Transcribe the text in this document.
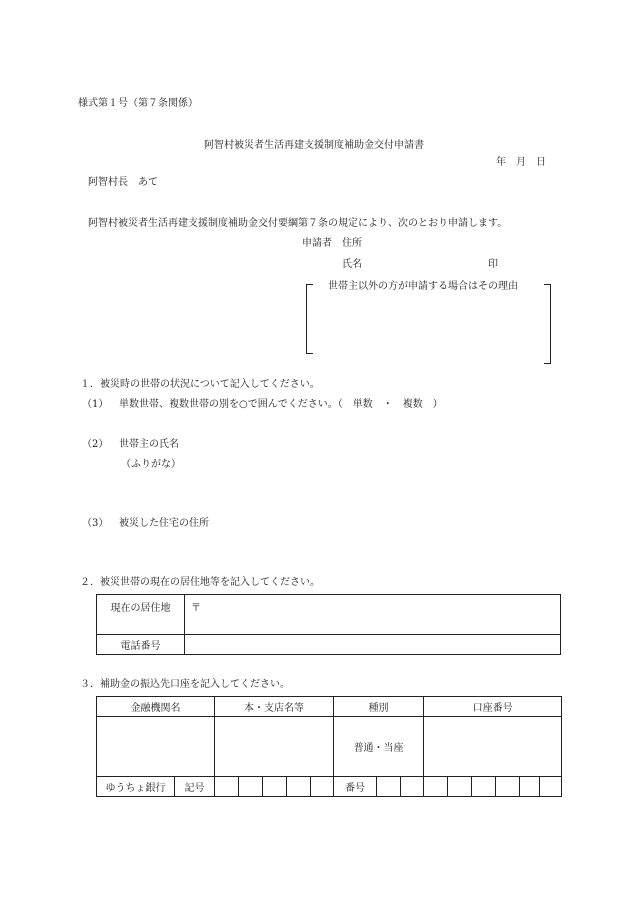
様式第１号（第７条関係）
阿智村被災者生活再建支援制度補助金交付申請書
年　月　日
阿智村長　あて
阿智村被災者生活再建支援制度補助金交付要綱第７条の規定により、次のとおり申請します。
申請者　住所
氏名	印
世帯主以外の方が申請する場合はその理由
１．被災時の世帯の状況について記入してください。
（1） 単数世帯、複数世帯の別を○で囲んでください。（　単数　・　複数　）
（2） 世帯主の氏名
（ふりがな）
（3） 被災した住宅の住所
２．被災世帯の現在の居住地等を記入してください。
現在の居住地	〒
電話番号	
３．補助金の振込先口座を記入してください。
金融機関名		本・支店名等					種別			口座番号					
							普通・当座								
ゆうちょ銀行	記号						番号								
